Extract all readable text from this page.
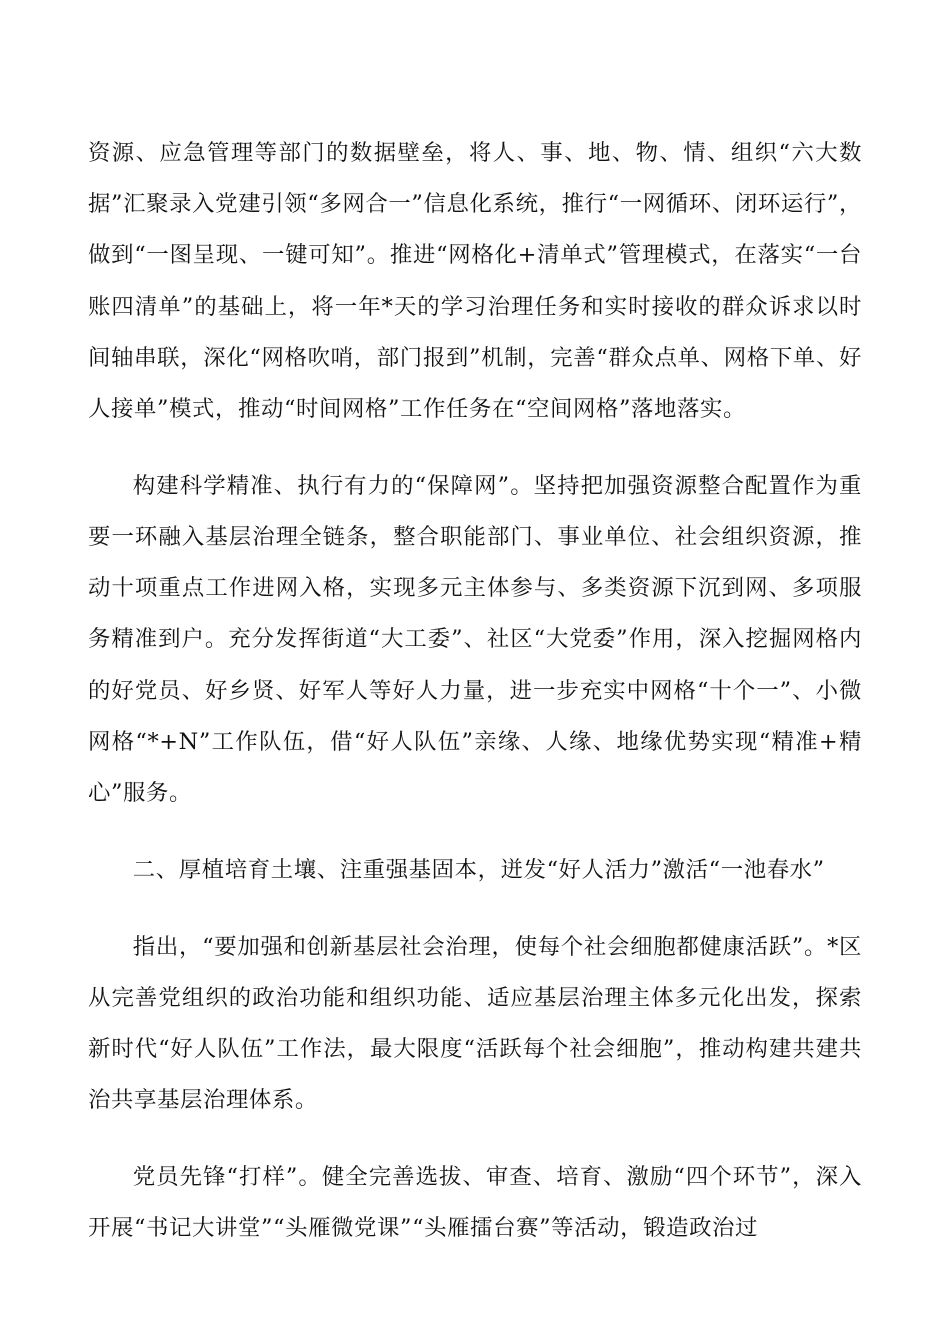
资源、应急管理等部门的数据壁垒，将人、事、地、物、情、组织“六大数据”汇聚录入党建引领“多网合一”信息化系统，推行“一网循环、闭环运行”，做到“一图呈现、一键可知”。推进“网格化+清单式”管理模式，在落实“一台账四清单”的基础上，将一年*天的学习治理任务和实时接收的群众诉求以时间轴串联，深化“网格吹哨，部门报到”机制，完善“群众点单、网格下单、好人接单”模式，推动“时间网格”工作任务在“空间网格”落地落实。

构建科学精准、执行有力的“保障网”。坚持把加强资源整合配置作为重要一环融入基层治理全链条，整合职能部门、事业单位、社会组织资源，推动十项重点工作进网入格，实现多元主体参与、多类资源下沉到网、多项服务精准到户。充分发挥街道“大工委”、社区“大党委”作用，深入挖掘网格内的好党员、好乡贤、好军人等好人力量，进一步充实中网格“十个一”、小微网格“*+N”工作队伍，借“好人队伍”亲缘、人缘、地缘优势实现“精准+精心”服务。

二、厚植培育土壤、注重强基固本，迸发“好人活力”激活“一池春水”

指出，“要加强和创新基层社会治理，使每个社会细胞都健康活跃”。*区从完善党组织的政治功能和组织功能、适应基层治理主体多元化出发，探索新时代“好人队伍”工作法，最大限度“活跃每个社会细胞”，推动构建共建共治共享基层治理体系。

党员先锋“打样”。健全完善选拔、审查、培育、激励“四个环节”，深入开展“书记大讲堂”“头雁微党课”“头雁擂台赛”等活动，锻造政治过
